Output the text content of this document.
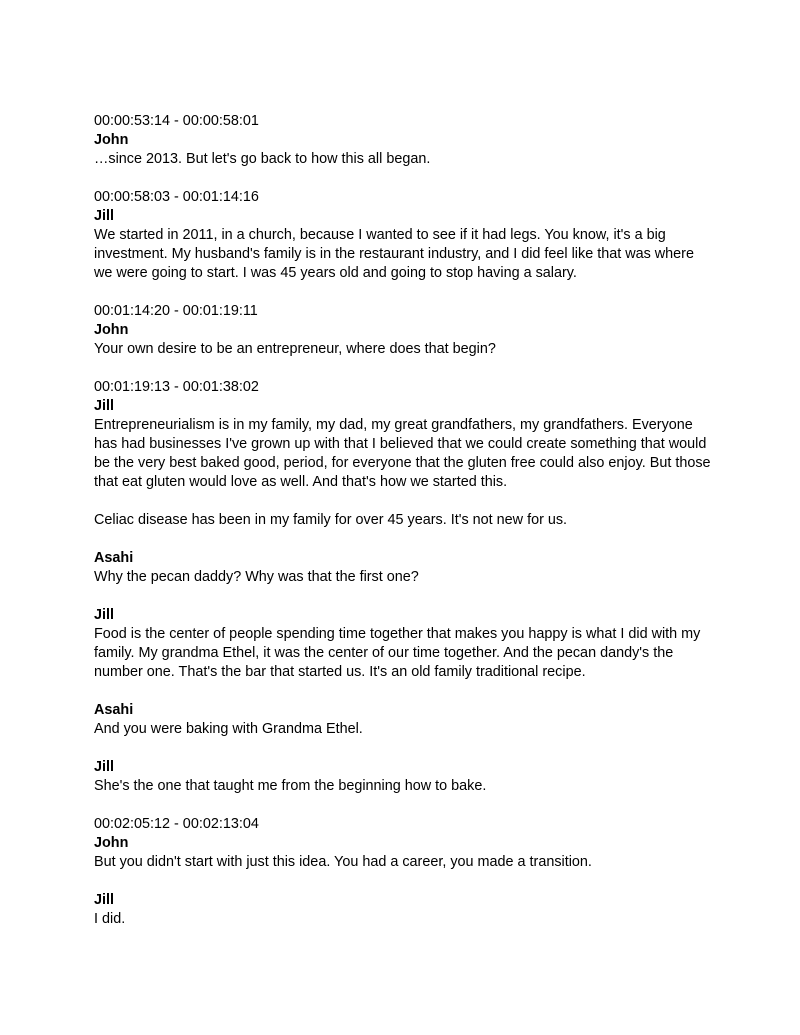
00:00:53:14 - 00:00:58:01
John

…since 2013. But let's go back to how this all began.

00:00:58:03 - 00:01:14:16
Jill

We started in 2011, in a church, because I wanted to see if it had legs. You know, it's a big investment. My husband's family is in the restaurant industry, and I did feel like that was where we were going to start. I was 45 years old and going to stop having a salary.

00:01:14:20 - 00:01:19:11
John

Your own desire to be an entrepreneur, where does that begin?

00:01:19:13 - 00:01:38:02
Jill

Entrepreneurialism is in my family, my dad, my great grandfathers, my grandfathers. Everyone has had businesses I've grown up with that I believed that we could create something that would be the very best baked good, period, for everyone that the gluten free could also enjoy. But those that eat gluten would love as well. And that's how we started this.

Celiac disease has been in my family for over 45 years. It's not new for us.

Asahi

Why the pecan daddy? Why was that the first one?

Jill

Food is the center of people spending time together that makes you happy is what I did with my family. My grandma Ethel, it was the center of our time together. And the pecan dandy's the number one. That's the bar that started us. It's an old family traditional recipe.

Asahi

And you were baking with Grandma Ethel.

Jill

She's the one that taught me from the beginning how to bake.

00:02:05:12 - 00:02:13:04
John

But you didn't start with just this idea. You had a career, you made a transition.

Jill

I did.
